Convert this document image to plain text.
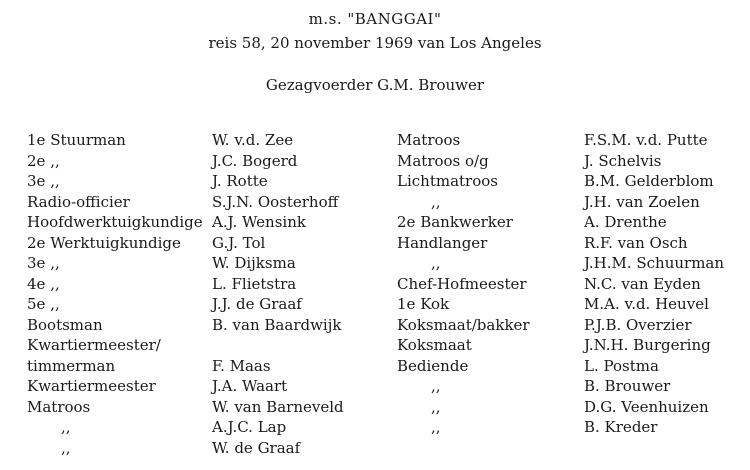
m.s. "BANGGAI"
reis 58, 20 november 1969 van Los Angeles
Gezagvoerder G.M. Brouwer
1e Stuurman
2e ,,
3e ,,
Radio-officier
Hoofdwerktuigkundige
2e Werktuigkundige
3e ,,
4e ,,
5e ,,
Bootsman
Kwartiermeester/
timmerman
Kwartiermeester
Matroos
,,
,,
W. v.d. Zee
J.C. Bogerd
J. Rotte
S.J.N. Oosterhoff
A.J. Wensink
G.J. Tol
W. Dijksma
L. Flietstra
J.J. de Graaf
B. van Baardwijk
F. Maas
J.A. Waart
W. van Barneveld
A.J.C. Lap
W. de Graaf
Matroos
Matroos o/g
Lichtmatroos
,,
2e Bankwerker
Handlanger
,,
Chef-Hofmeester
1e Kok
Koksmaat/bakker
Koksmaat
Bediende
,,
,,
,,
F.S.M. v.d. Putte
J. Schelvis
B.M. Gelderblom
J.H. van Zoelen
A. Drenthe
R.F. van Osch
J.H.M. Schuurman
N.C. van Eyden
M.A. v.d. Heuvel
P.J.B. Overzier
J.N.H. Burgering
L. Postma
B. Brouwer
D.G. Veenhuizen
B. Kreder
